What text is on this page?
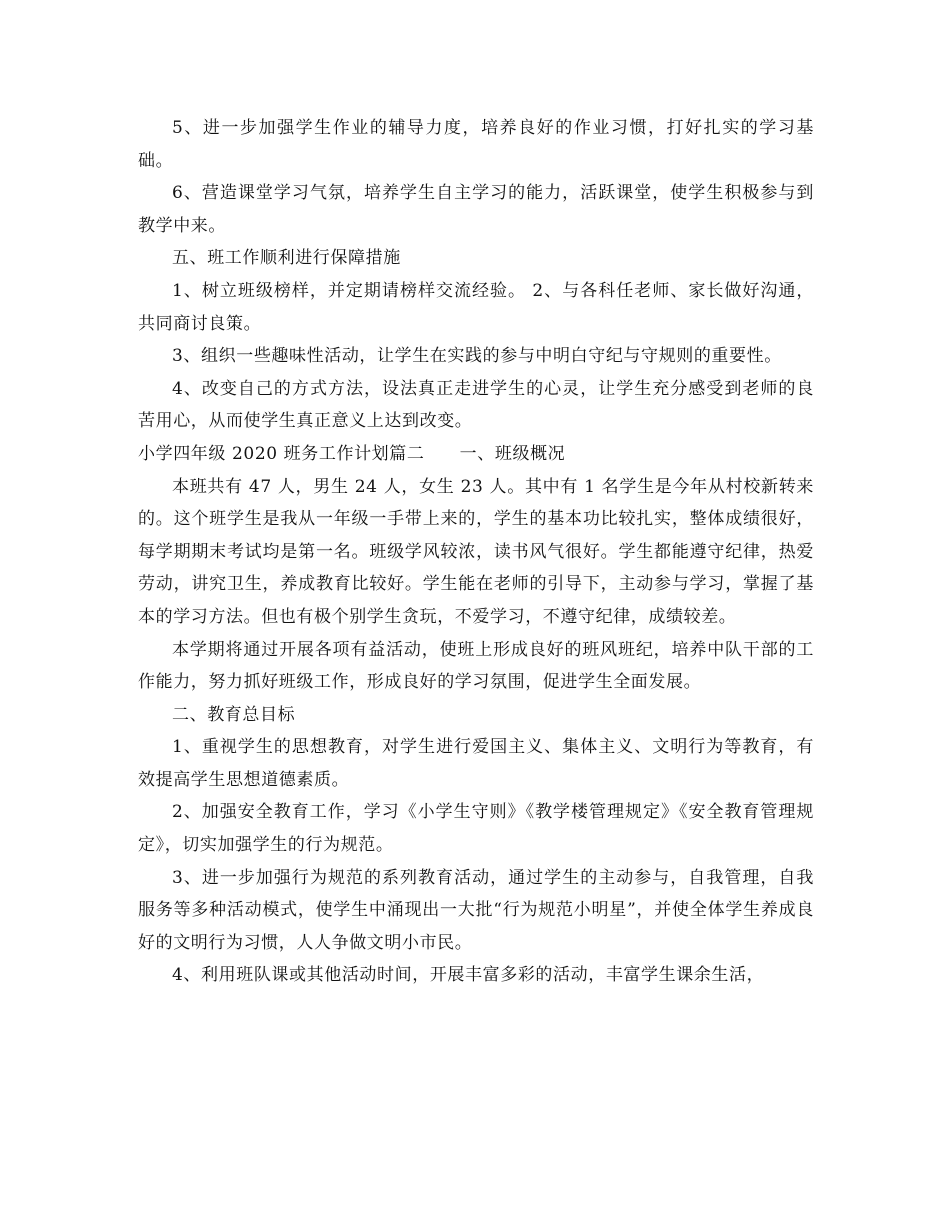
5、进一步加强学生作业的辅导力度，培养良好的作业习惯，打好扎实的学习基础。

6、营造课堂学习气氛，培养学生自主学习的能力，活跃课堂，使学生积极参与到教学中来。

五、班工作顺利进行保障措施

1、树立班级榜样，并定期请榜样交流经验。 2、与各科任老师、家长做好沟通，共同商讨良策。

3、组织一些趣味性活动，让学生在实践的参与中明白守纪与守规则的重要性。

4、改变自己的方式方法，设法真正走进学生的心灵，让学生充分感受到老师的良苦用心，从而使学生真正意义上达到改变。

小学四年级 2020 班务工作计划篇二　　一、班级概况

本班共有 47 人，男生 24 人，女生 23 人。其中有 1 名学生是今年从村校新转来的。这个班学生是我从一年级一手带上来的，学生的基本功比较扎实，整体成绩很好，每学期期末考试均是第一名。班级学风较浓，读书风气很好。学生都能遵守纪律，热爱劳动，讲究卫生，养成教育比较好。学生能在老师的引导下，主动参与学习，掌握了基本的学习方法。但也有极个别学生贪玩，不爱学习，不遵守纪律，成绩较差。

本学期将通过开展各项有益活动，使班上形成良好的班风班纪，培养中队干部的工作能力，努力抓好班级工作，形成良好的学习氛围，促进学生全面发展。

二、教育总目标

1、重视学生的思想教育，对学生进行爱国主义、集体主义、文明行为等教育，有效提高学生思想道德素质。

2、加强安全教育工作，学习《小学生守则》《教学楼管理规定》《安全教育管理规定》，切实加强学生的行为规范。

3、进一步加强行为规范的系列教育活动，通过学生的主动参与，自我管理，自我服务等多种活动模式，使学生中涌现出一大批“行为规范小明星”，并使全体学生养成良好的文明行为习惯，人人争做文明小市民。

4、利用班队课或其他活动时间，开展丰富多彩的活动，丰富学生课余生活，
